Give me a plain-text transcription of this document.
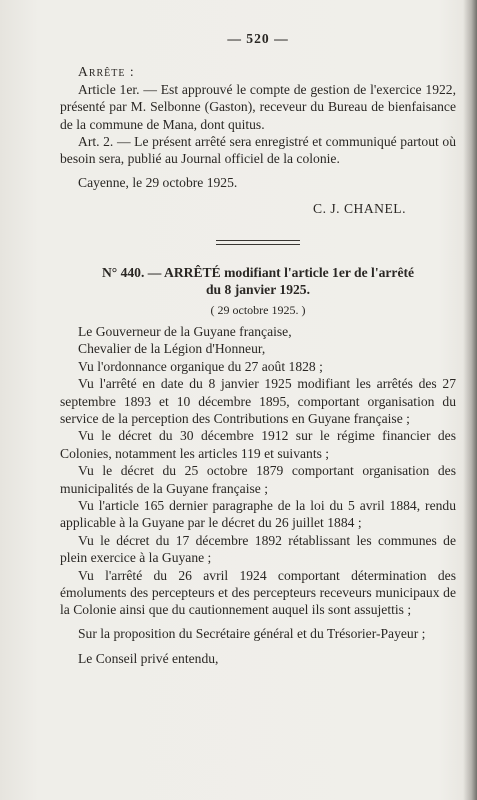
— 520 —

Arrête :

Article 1er. — Est approuvé le compte de gestion de l'exercice 1922, présenté par M. Selbonne (Gaston), receveur du Bureau de bienfaisance de la commune de Mana, dont quitus.

Art. 2. — Le présent arrêté sera enregistré et communiqué partout où besoin sera, publié au Journal officiel de la colonie.

Cayenne, le 29 octobre 1925.

C. J. CHANEL.

N° 440. — ARRÊTÉ modifiant l'article 1er de l'arrêté

du 8 janvier 1925.

( 29 octobre 1925. )

Le Gouverneur de la Guyane française,

Chevalier de la Légion d'Honneur,

Vu l'ordonnance organique du 27 août 1828 ;

Vu l'arrêté en date du 8 janvier 1925 modifiant les arrêtés des 27 septembre 1893 et 10 décembre 1895, comportant organisation du service de la perception des Contributions en Guyane française ;

Vu le décret du 30 décembre 1912 sur le régime financier des Colonies, notamment les articles 119 et suivants ;

Vu le décret du 25 octobre 1879 comportant organisation des municipalités de la Guyane française ;

Vu l'article 165 dernier paragraphe de la loi du 5 avril 1884, rendu applicable à la Guyane par le décret du 26 juillet 1884 ;

Vu le décret du 17 décembre 1892 rétablissant les communes de plein exercice à la Guyane ;

Vu l'arrêté du 26 avril 1924 comportant détermination des émoluments des percepteurs et des percepteurs receveurs municipaux de la Colonie ainsi que du cautionnement auquel ils sont assujettis ;

Sur la proposition du Secrétaire général et du Trésorier-Payeur ;

Le Conseil privé entendu,
